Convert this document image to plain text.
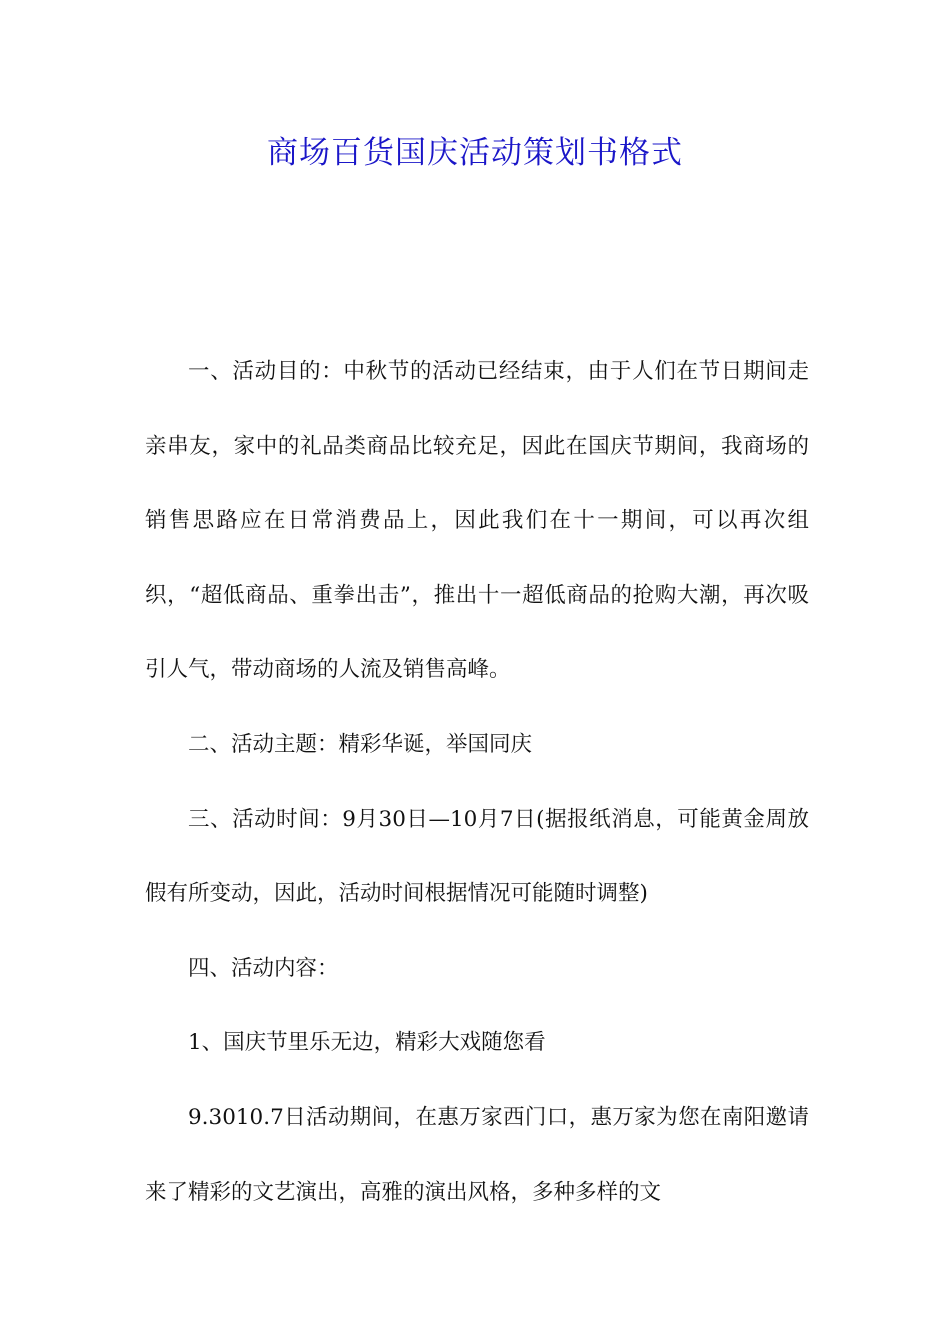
商场百货国庆活动策划书格式

一、活动目的：中秋节的活动已经结束，由于人们在节日期间走亲串友，家中的礼品类商品比较充足，因此在国庆节期间，我商场的销售思路应在日常消费品上，因此我们在十一期间，可以再次组织，“超低商品、重拳出击”，推出十一超低商品的抢购大潮，再次吸引人气，带动商场的人流及销售高峰。

二、活动主题：精彩华诞，举国同庆

三、活动时间：9月30日—10月7日(据报纸消息，可能黄金周放假有所变动，因此，活动时间根据情况可能随时调整)

四、活动内容：

1、国庆节里乐无边，精彩大戏随您看

9.3010.7日活动期间，在惠万家西门口，惠万家为您在南阳邀请来了精彩的文艺演出，高雅的演出风格，多种多样的文
